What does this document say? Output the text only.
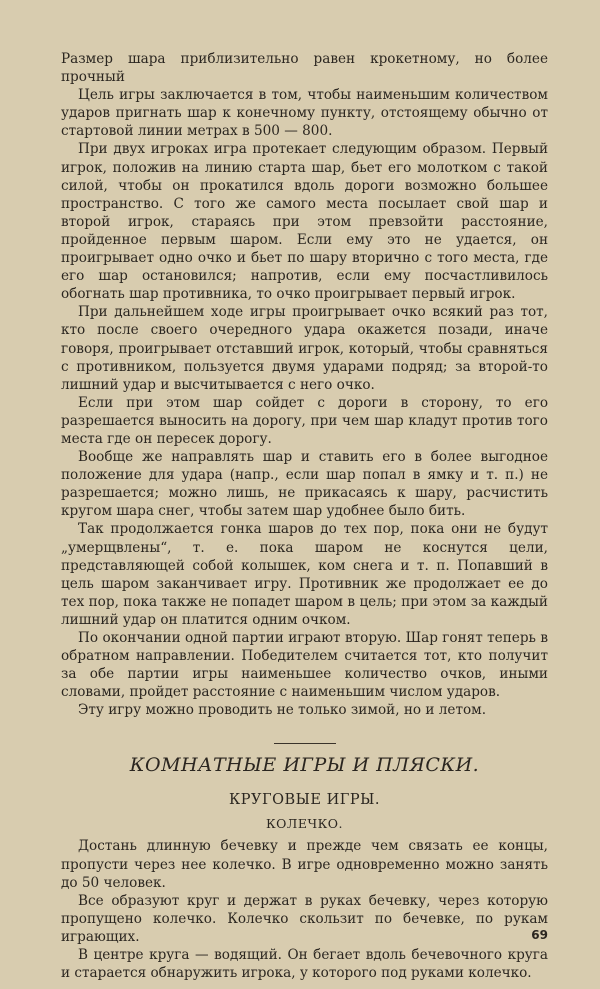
Размер шара приблизительно равен крокетному, но более прочный

Цель игры заключается в том, чтобы наименьшим количеством ударов пригнать шар к конечному пункту, отстоящему обычно от стартовой линии метрах в 500 — 800.

При двух игроках игра протекает следующим образом. Первый игрок, положив на линию старта шар, бьет его молотком с такой силой, чтобы он прокатился вдоль дороги возможно большее пространство. С того же самого места посылает свой шар и второй игрок, стараясь при этом превзойти расстояние, пройденное первым шаром. Если ему это не удается, он проигрывает одно очко и бьет по шару вторично с того места, где его шар остановился; напротив, если ему посчастливилось обогнать шар противника, то очко проигрывает первый игрок.

При дальнейшем ходе игры проигрывает очко всякий раз тот, кто после своего очередного удара окажется позади, иначе говоря, проигрывает отставший игрок, который, чтобы сравняться с противником, пользуется двумя ударами подряд; за второй-то лишний удар и высчитывается с него очко.

Если при этом шар сойдет с дороги в сторону, то его разрешается выносить на дорогу, при чем шар кладут против того места где он пересек дорогу.

Вообще же направлять шар и ставить его в более выгодное положение для удара (напр., если шар попал в ямку и т. п.) не разрешается; можно лишь, не прикасаясь к шару, расчистить кругом шара снег, чтобы затем шар удобнее было бить.

Так продолжается гонка шаров до тех пор, пока они не будут „умерщвлены“, т. е. пока шаром не коснутся цели, представляющей собой колышек, ком снега и т. п. Попавший в цель шаром заканчивает игру. Противник же продолжает ее до тех пор, пока также не попадет шаром в цель; при этом за каждый лишний удар он платится одним очком.

По окончании одной партии играют вторую. Шар гонят теперь в обратном направлении. Победителем считается тот, кто получит за обе партии игры наименьшее количество очков, иными словами, пройдет расстояние с наименьшим числом ударов.

Эту игру можно проводить не только зимой, но и летом.

КОМНАТНЫЕ ИГРЫ И ПЛЯСКИ.
КРУГОВЫЕ ИГРЫ.
КОЛЕЧКО.

Достань длинную бечевку и прежде чем связать ее концы, пропусти через нее колечко. В игре одновременно можно занять до 50 человек.

Все образуют круг и держат в руках бечевку, через которую пропущено колечко. Колечко скользит по бечевке, по рукам играющих.

В центре круга — водящий. Он бегает вдоль бечевочного круга и старается обнаружить игрока, у которого под руками колечко.

69
